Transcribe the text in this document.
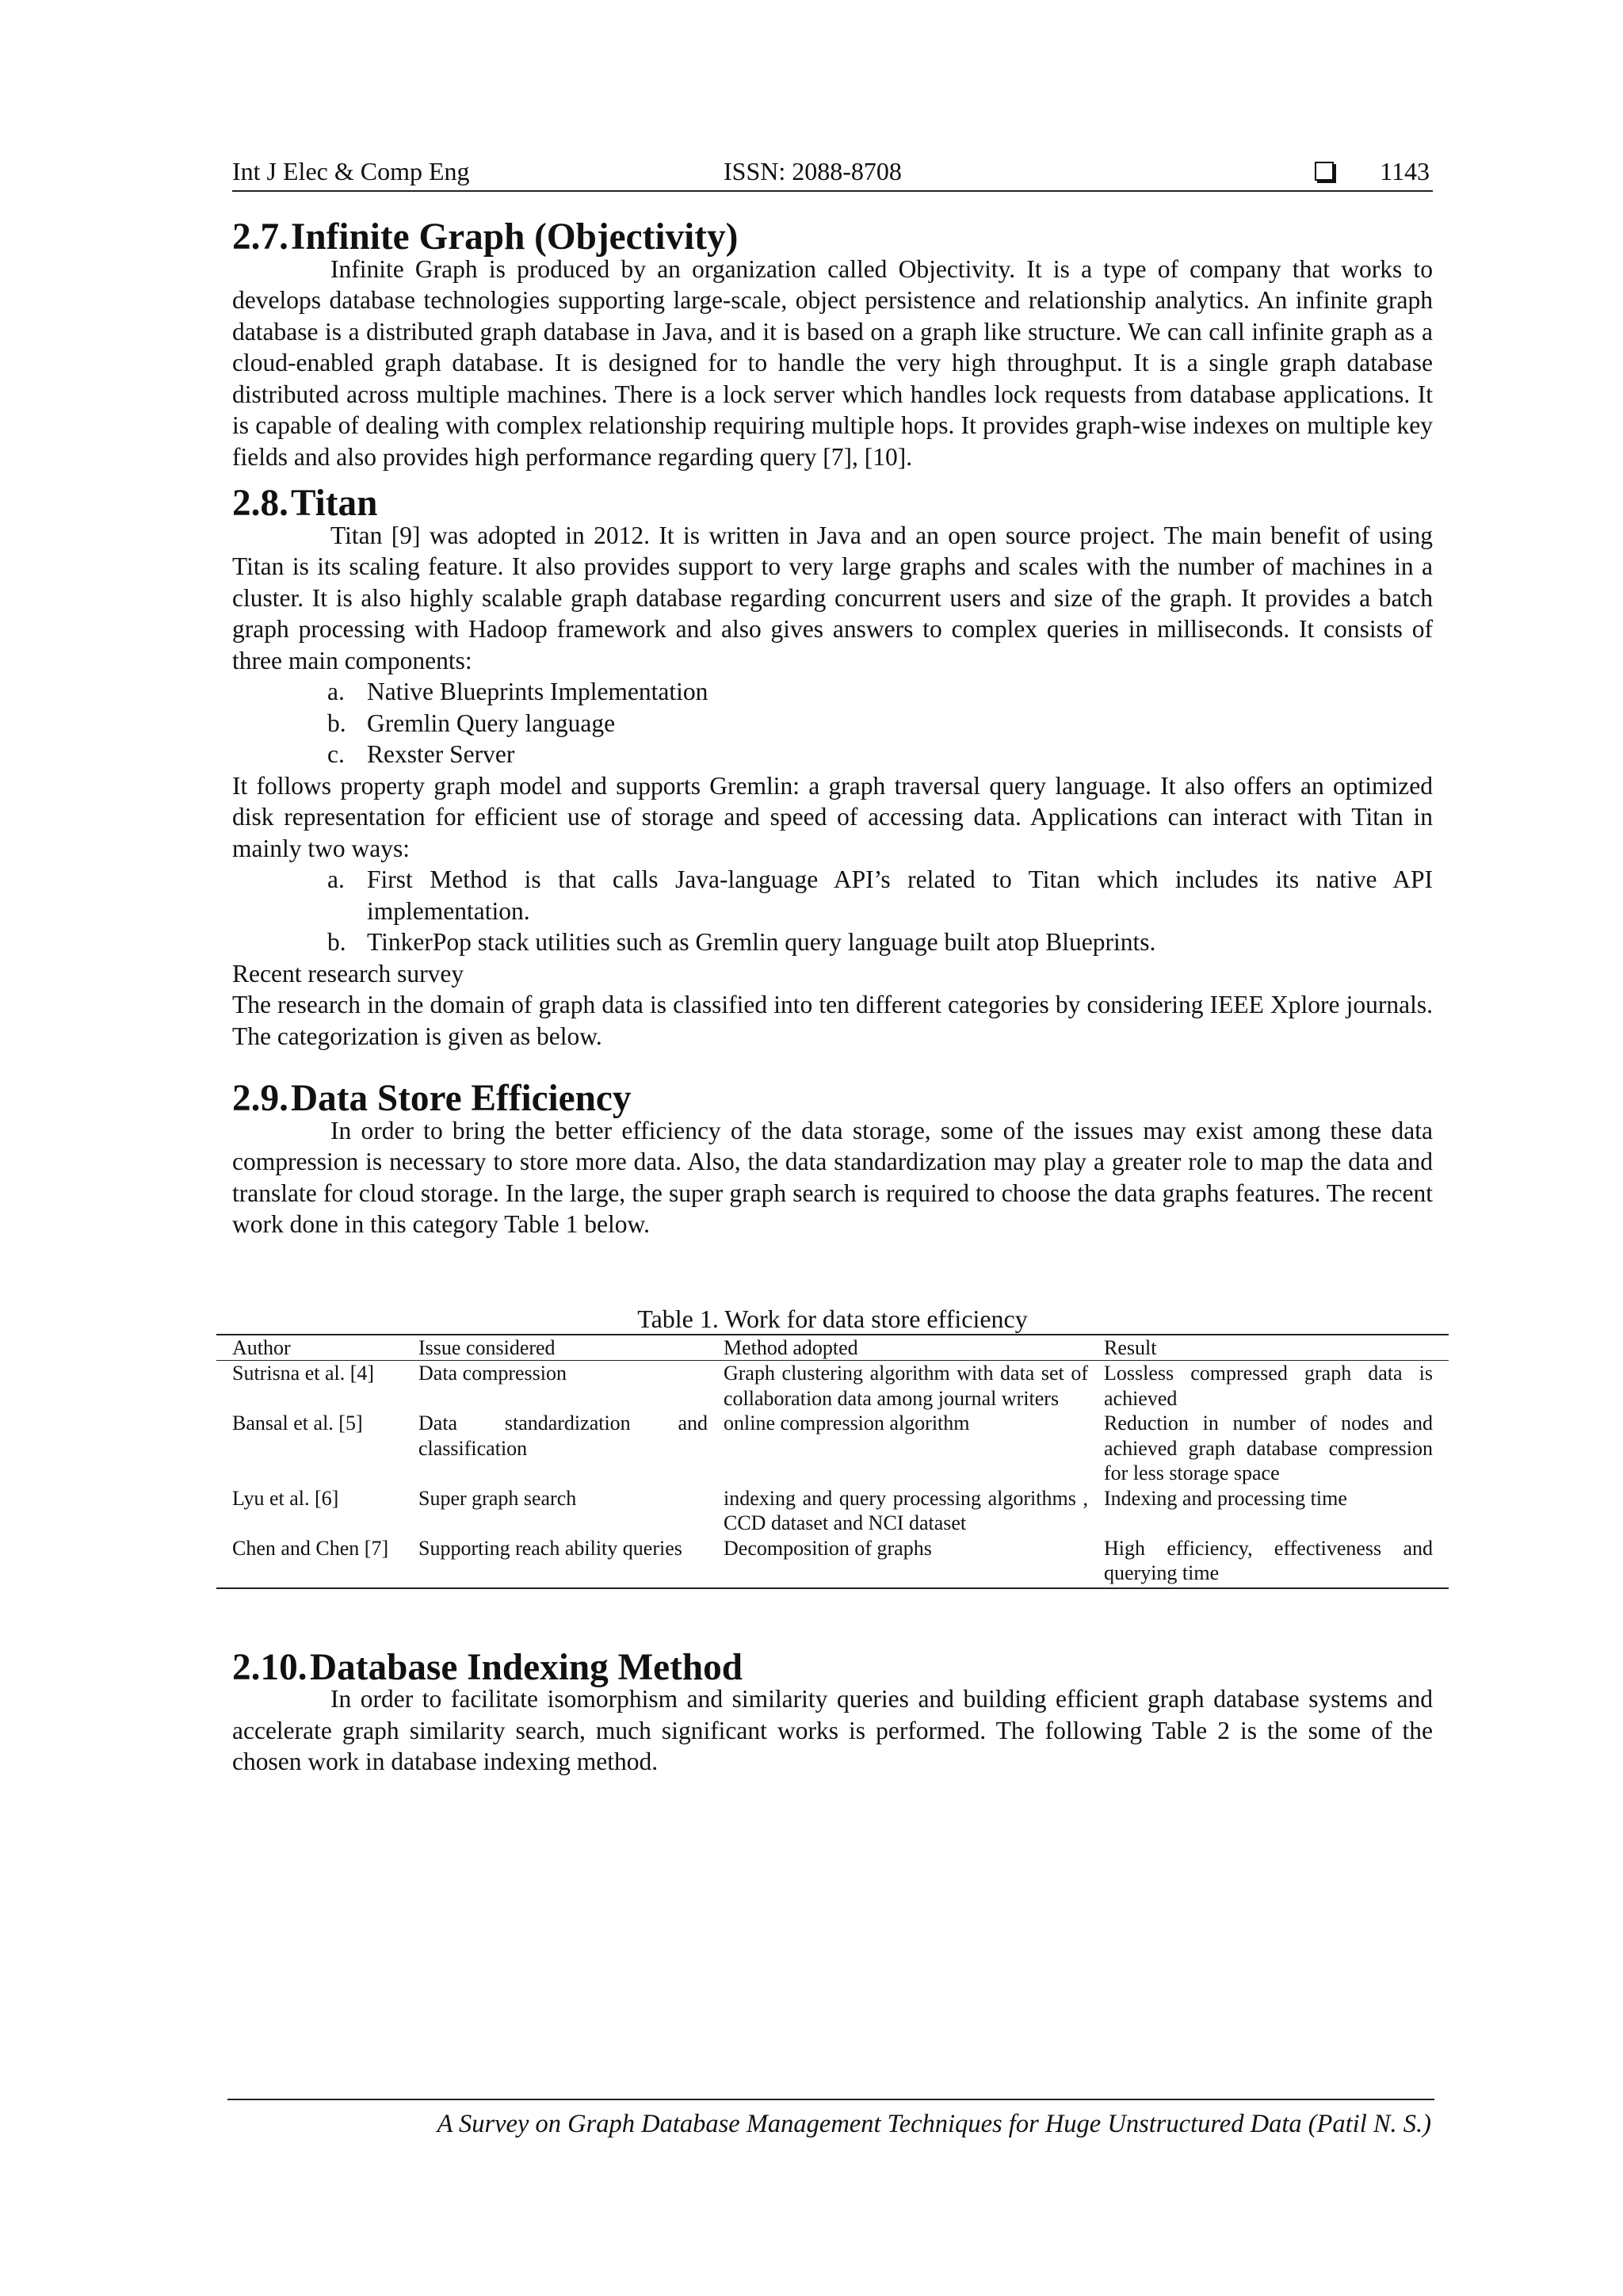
Int J Elec & Comp Eng	ISSN: 2088-8708	1143
2.7.Infinite Graph (Objectivity)

Infinite Graph is produced by an organization called Objectivity. It is a type of company that works to develops database technologies supporting large-scale, object persistence and relationship analytics. An infinite graph database is a distributed graph database in Java, and it is based on a graph like structure. We can call infinite graph as a cloud-enabled graph database. It is designed for to handle the very high throughput. It is a single graph database distributed across multiple machines. There is a lock server which handles lock requests from database applications. It is capable of dealing with complex relationship requiring multiple hops. It provides graph-wise indexes on multiple key fields and also provides high performance regarding query [7], [10].

2.8.Titan

Titan [9] was adopted in 2012. It is written in Java and an open source project. The main benefit of using Titan is its scaling feature. It also provides support to very large graphs and scales with the number of machines in a cluster. It is also highly scalable graph database regarding concurrent users and size of the graph. It provides a batch graph processing with Hadoop framework and also gives answers to complex queries in milliseconds. It consists of three main components:

a. Native Blueprints Implementation
b. Gremlin Query language
c. Rexster Server

It follows property graph model and supports Gremlin: a graph traversal query language. It also offers an optimized disk representation for efficient use of storage and speed of accessing data. Applications can interact with Titan in mainly two ways:

a. First Method is that calls Java-language API’s related to Titan which includes its native API implementation.
b. TinkerPop stack utilities such as Gremlin query language built atop Blueprints.

Recent research survey

The research in the domain of graph data is classified into ten different categories by considering IEEE Xplore journals. The categorization is given as below.

2.9.Data Store Efficiency

In order to bring the better efficiency of the data storage, some of the issues may exist among these data compression is necessary to store more data. Also, the data standardization may play a greater role to map the data and translate for cloud storage. In the large, the super graph search is required to choose the data graphs features. The recent work done in this category Table 1 below.

Table 1. Work for data store efficiency
Author	Issue considered	Method adopted	Result
Sutrisna et al. [4]	Data compression	Graph clustering algorithm with data set of collaboration data among journal writers	Lossless compressed graph data is achieved
Bansal et al. [5]	Data standardization and classification	online compression algorithm	Reduction in number of nodes and achieved graph database compression for less storage space
Lyu et al. [6]	Super graph search	indexing and query processing algorithms , CCD dataset and NCI dataset	Indexing and processing time
Chen and Chen [7]	Supporting reach ability queries	Decomposition of graphs	High efficiency, effectiveness and querying time
2.10.Database Indexing Method

In order to facilitate isomorphism and similarity queries and building efficient graph database systems and accelerate graph similarity search, much significant works is performed. The following Table 2 is the some of the chosen work in database indexing method.

A Survey on Graph Database Management Techniques for Huge Unstructured Data (Patil N. S.)
